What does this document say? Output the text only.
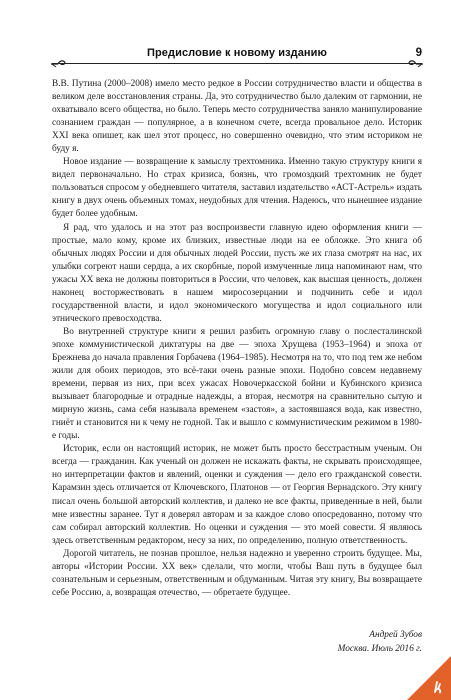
Предисловие к новому изданию	9

В.В. Путина (2000–2008) имело место редкое в России сотрудничество власти и общества в великом деле восстановления страны. Да, это сотрудничество было далеким от гармонии, не охватывало всего общества, но было. Теперь место сотрудничества заняло манипулирование сознанием граждан — популярное, а в конечном счете, всегда провальное дело. Историк XXI века опишет, как шел этот процесс, но совершенно очевидно, что этим историком не буду я.

Новое издание — возвращение к замыслу трехтомника. Именно такую структуру книги я видел первоначально. Но страх кризиса, боязнь, что громоздкий трехтомник не будет пользоваться спросом у обедневшего читателя, заставил издательство «АСТ-Астрель» издать книгу в двух очень объемных томах, неудобных для чтения. Надеюсь, что нынешнее издание будет более удобным.

Я рад, что удалось и на этот раз воспроизвести главную идею оформления книги — простые, мало кому, кроме их близких, известные люди на ее обложке. Это книга об обычных людях России и для обычных людей России, пусть же их глаза смотрят на нас, их улыбки согреют наши сердца, а их скорбные, порой измученные лица напоминают нам, что ужасы XX века не должны повториться в России, что человек, как высшая ценность, должен наконец восторжествовать в нашем миросозерцании и подчинить себе и идол государственной власти, и идол экономического могущества и идол социального или этнического превосходства.

Во внутренней структуре книги я решил разбить огромную главу о послесталинской эпохе коммунистической диктатуры на две — эпоха Хрущева (1953–1964) и эпоха от Брежнева до начала правления Горбачева (1964–1985). Несмотря на то, что под тем же небом жили для обоих периодов, это всё-таки очень разные эпохи. Подобно совсем недавнему времени, первая из них, при всех ужасах Новочеркасской бойни и Кубинского кризиса вызывает благородные и отрадные надежды, а вторая, несмотря на сравнительно сытую и мирную жизнь, сама себя называла временем «застоя», а застоявшаяся вода, как известно, гниёт и становится ни к чему не годной. Так и вышло с коммунистическим режимом в 1980-е годы.

Историк, если он настоящий историк, не может быть просто бесстрастным ученым. Он всегда — гражданин. Как ученый он должен не искажать факты, не скрывать происходящее, но интерпретации фактов и явлений, оценки и суждения — дело его гражданской совести. Карамзин здесь отличается от Ключевского, Платонов — от Георгия Вернадского. Эту книгу писал очень большой авторский коллектив, и далеко не все факты, приведенные в ней, были мне известны заранее. Тут я доверял авторам и за каждое слово опосредованно, потому что сам собирал авторский коллектив. Но оценки и суждения — это моей совести. Я являюсь здесь ответственным редактором, несу за них, по определению, полную ответственность.

Дорогой читатель, не познав прошлое, нельзя надежно и уверенно строить будущее. Мы, авторы «Истории России. XX век» сделали, что могли, чтобы Ваш путь в будущее был сознательным и серьезным, ответственным и обдуманным. Читая эту книгу, Вы возвращаете себе Россию, а, возвращая отечество, — обретаете будущее.

Андрей Зубов
Москва. Июль 2016 г.
